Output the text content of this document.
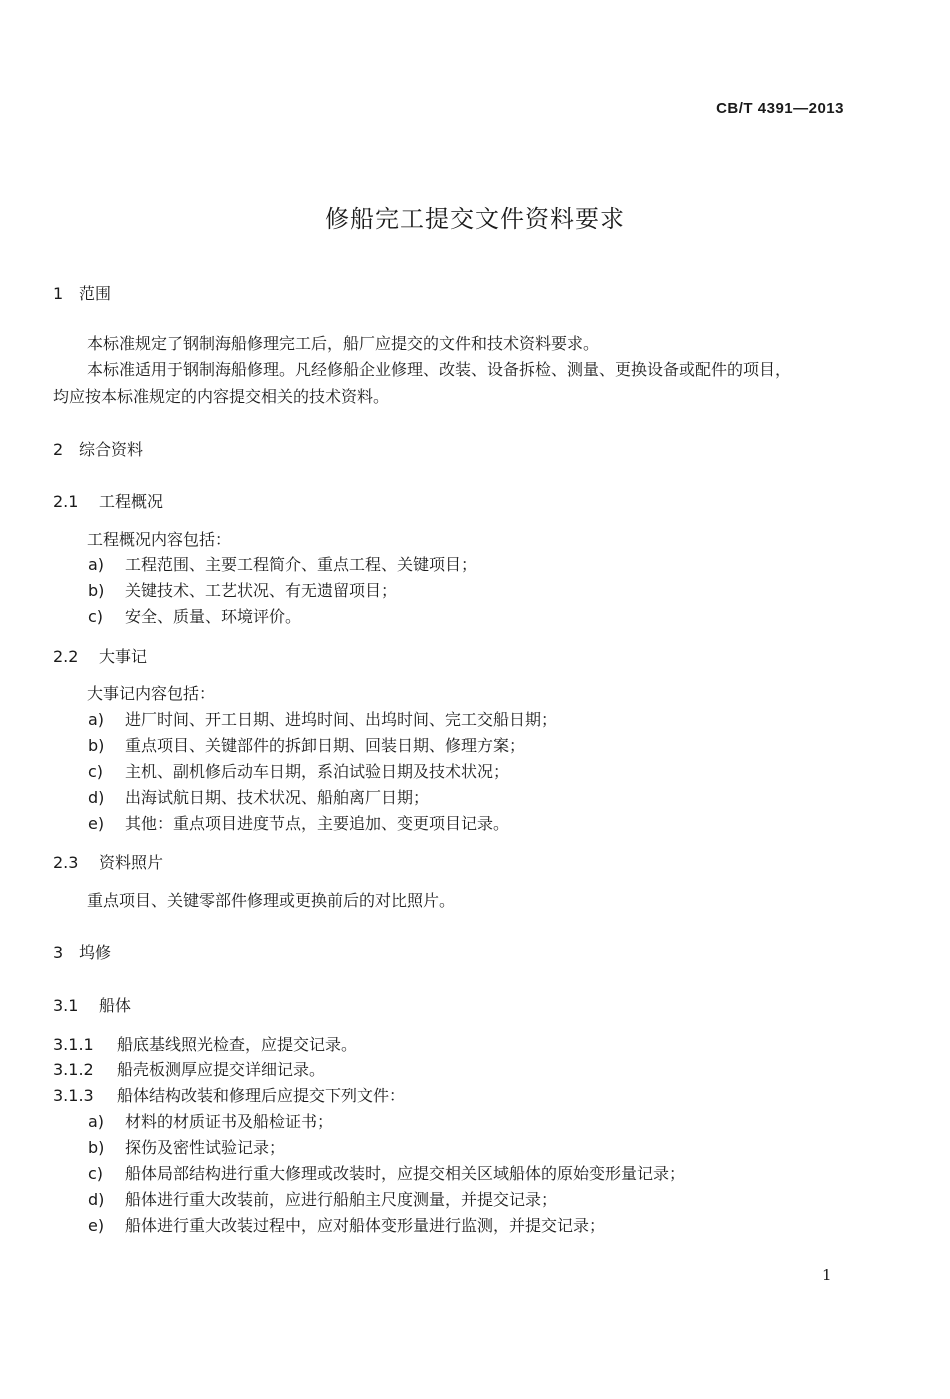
CB/T 4391—2013
修船完工提交文件资料要求
1 范围
本标准规定了钢制海船修理完工后，船厂应提交的文件和技术资料要求。
本标准适用于钢制海船修理。凡经修船企业修理、改装、设备拆检、测量、更换设备或配件的项目，
均应按本标准规定的内容提交相关的技术资料。
2 综合资料
2.1 工程概况
工程概况内容包括：
a) 工程范围、主要工程简介、重点工程、关键项目；
b) 关键技术、工艺状况、有无遗留项目；
c) 安全、质量、环境评价。
2.2 大事记
大事记内容包括：
a) 进厂时间、开工日期、进坞时间、出坞时间、完工交船日期；
b) 重点项目、关键部件的拆卸日期、回装日期、修理方案；
c) 主机、副机修后动车日期，系泊试验日期及技术状况；
d) 出海试航日期、技术状况、船舶离厂日期；
e) 其他：重点项目进度节点，主要追加、变更项目记录。
2.3 资料照片
重点项目、关键零部件修理或更换前后的对比照片。
3 坞修
3.1 船体
3.1.1 船底基线照光检查，应提交记录。
3.1.2 船壳板测厚应提交详细记录。
3.1.3 船体结构改装和修理后应提交下列文件：
a) 材料的材质证书及船检证书；
b) 探伤及密性试验记录；
c) 船体局部结构进行重大修理或改装时，应提交相关区域船体的原始变形量记录；
d) 船体进行重大改装前，应进行船舶主尺度测量，并提交记录；
e) 船体进行重大改装过程中，应对船体变形量进行监测，并提交记录；
1
